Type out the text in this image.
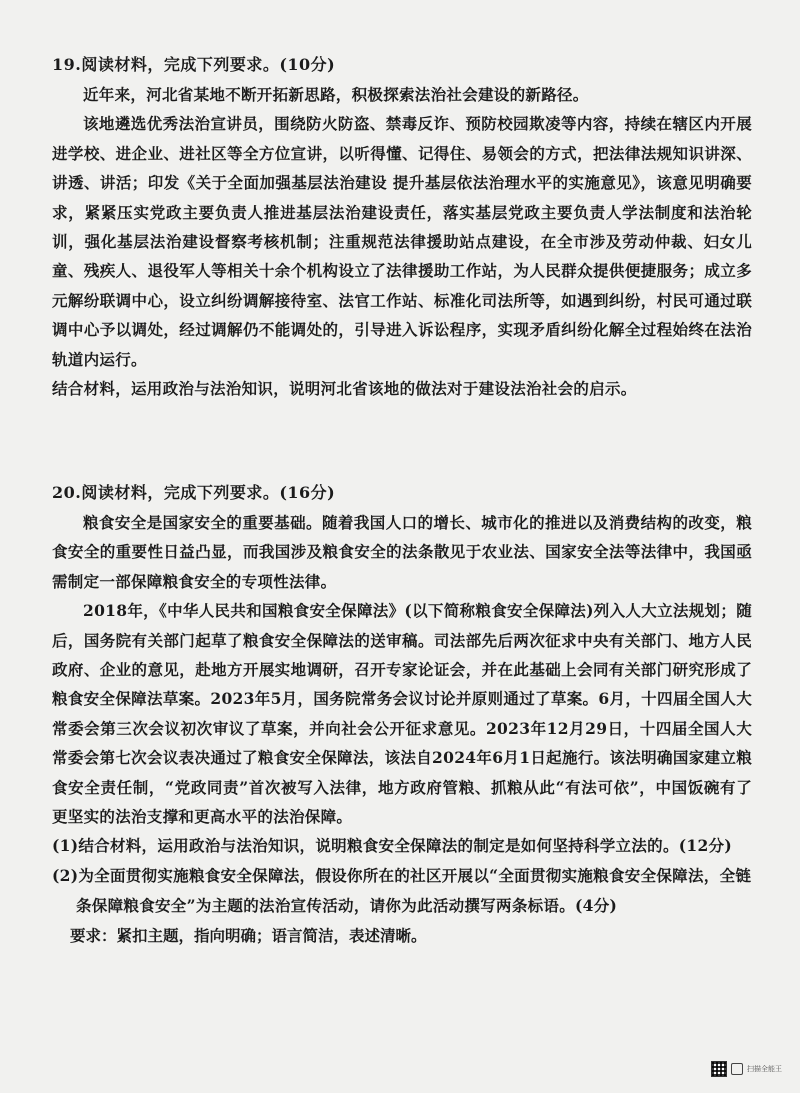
19.阅读材料，完成下列要求。(10分)

近年来，河北省某地不断开拓新思路，积极探索法治社会建设的新路径。

该地遴选优秀法治宣讲员，围绕防火防盗、禁毒反诈、预防校园欺凌等内容，持续在辖区内开展进学校、进企业、进社区等全方位宣讲，以听得懂、记得住、易领会的方式，把法律法规知识讲深、讲透、讲活；印发《关于全面加强基层法治建设 提升基层依法治理水平的实施意见》，该意见明确要求，紧紧压实党政主要负责人推进基层法治建设责任，落实基层党政主要负责人学法制度和法治轮训，强化基层法治建设督察考核机制；注重规范法律援助站点建设，在全市涉及劳动仲裁、妇女儿童、残疾人、退役军人等相关十余个机构设立了法律援助工作站，为人民群众提供便捷服务；成立多元解纷联调中心，设立纠纷调解接待室、法官工作站、标准化司法所等，如遇到纠纷，村民可通过联调中心予以调处，经过调解仍不能调处的，引导进入诉讼程序，实现矛盾纠纷化解全过程始终在法治轨道内运行。

结合材料，运用政治与法治知识，说明河北省该地的做法对于建设法治社会的启示。

20.阅读材料，完成下列要求。(16分)

粮食安全是国家安全的重要基础。随着我国人口的增长、城市化的推进以及消费结构的改变，粮食安全的重要性日益凸显，而我国涉及粮食安全的法条散见于农业法、国家安全法等法律中，我国亟需制定一部保障粮食安全的专项性法律。

2018年，《中华人民共和国粮食安全保障法》(以下简称粮食安全保障法)列入人大立法规划；随后，国务院有关部门起草了粮食安全保障法的送审稿。司法部先后两次征求中央有关部门、地方人民政府、企业的意见，赴地方开展实地调研，召开专家论证会，并在此基础上会同有关部门研究形成了粮食安全保障法草案。2023年5月，国务院常务会议讨论并原则通过了草案。6月，十四届全国人大常委会第三次会议初次审议了草案，并向社会公开征求意见。2023年12月29日，十四届全国人大常委会第七次会议表决通过了粮食安全保障法，该法自2024年6月1日起施行。该法明确国家建立粮食安全责任制，“党政同责”首次被写入法律，地方政府管粮、抓粮从此“有法可依”，中国饭碗有了更坚实的法治支撑和更高水平的法治保障。

(1)结合材料，运用政治与法治知识，说明粮食安全保障法的制定是如何坚持科学立法的。(12分)

(2)为全面贯彻实施粮食安全保障法，假设你所在的社区开展以“全面贯彻实施粮食安全保障法，全链条保障粮食安全”为主题的法治宣传活动，请你为此活动撰写两条标语。(4分)

要求：紧扣主题，指向明确；语言简洁，表述清晰。

扫描全能王
